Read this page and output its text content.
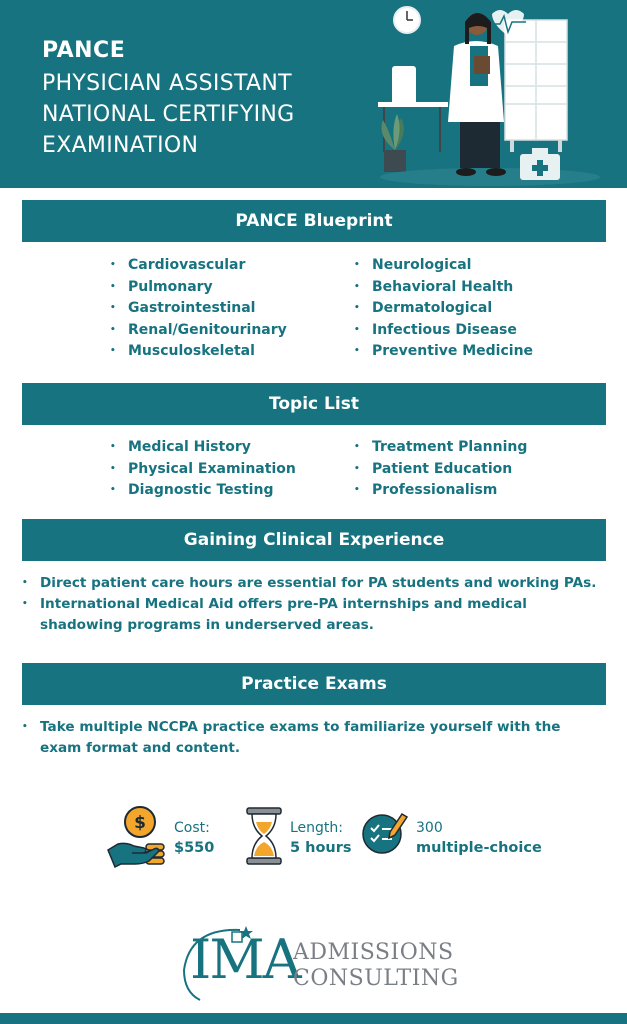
PANCE
PHYSICIAN ASSISTANT NATIONAL CERTIFYING EXAMINATION
PANCE Blueprint
• Cardiovascular
• Pulmonary
• Gastrointestinal
• Renal/Genitourinary
• Musculoskeletal
• Neurological
• Behavioral Health
• Dermatological
• Infectious Disease
• Preventive Medicine
Topic List
• Medical History
• Physical Examination
• Diagnostic Testing
• Treatment Planning
• Patient Education
• Professionalism
Gaining Clinical Experience
• Direct patient care hours are essential for PA students and working PAs.
• International Medical Aid offers pre-PA internships and medical shadowing programs in underserved areas.
Practice Exams
• Take multiple NCCPA practice exams to familiarize yourself with the exam format and content.
$ Cost:
$550
Length:
5 hours
300
multiple-choice
IMA
ADMISSIONS
CONSULTING
